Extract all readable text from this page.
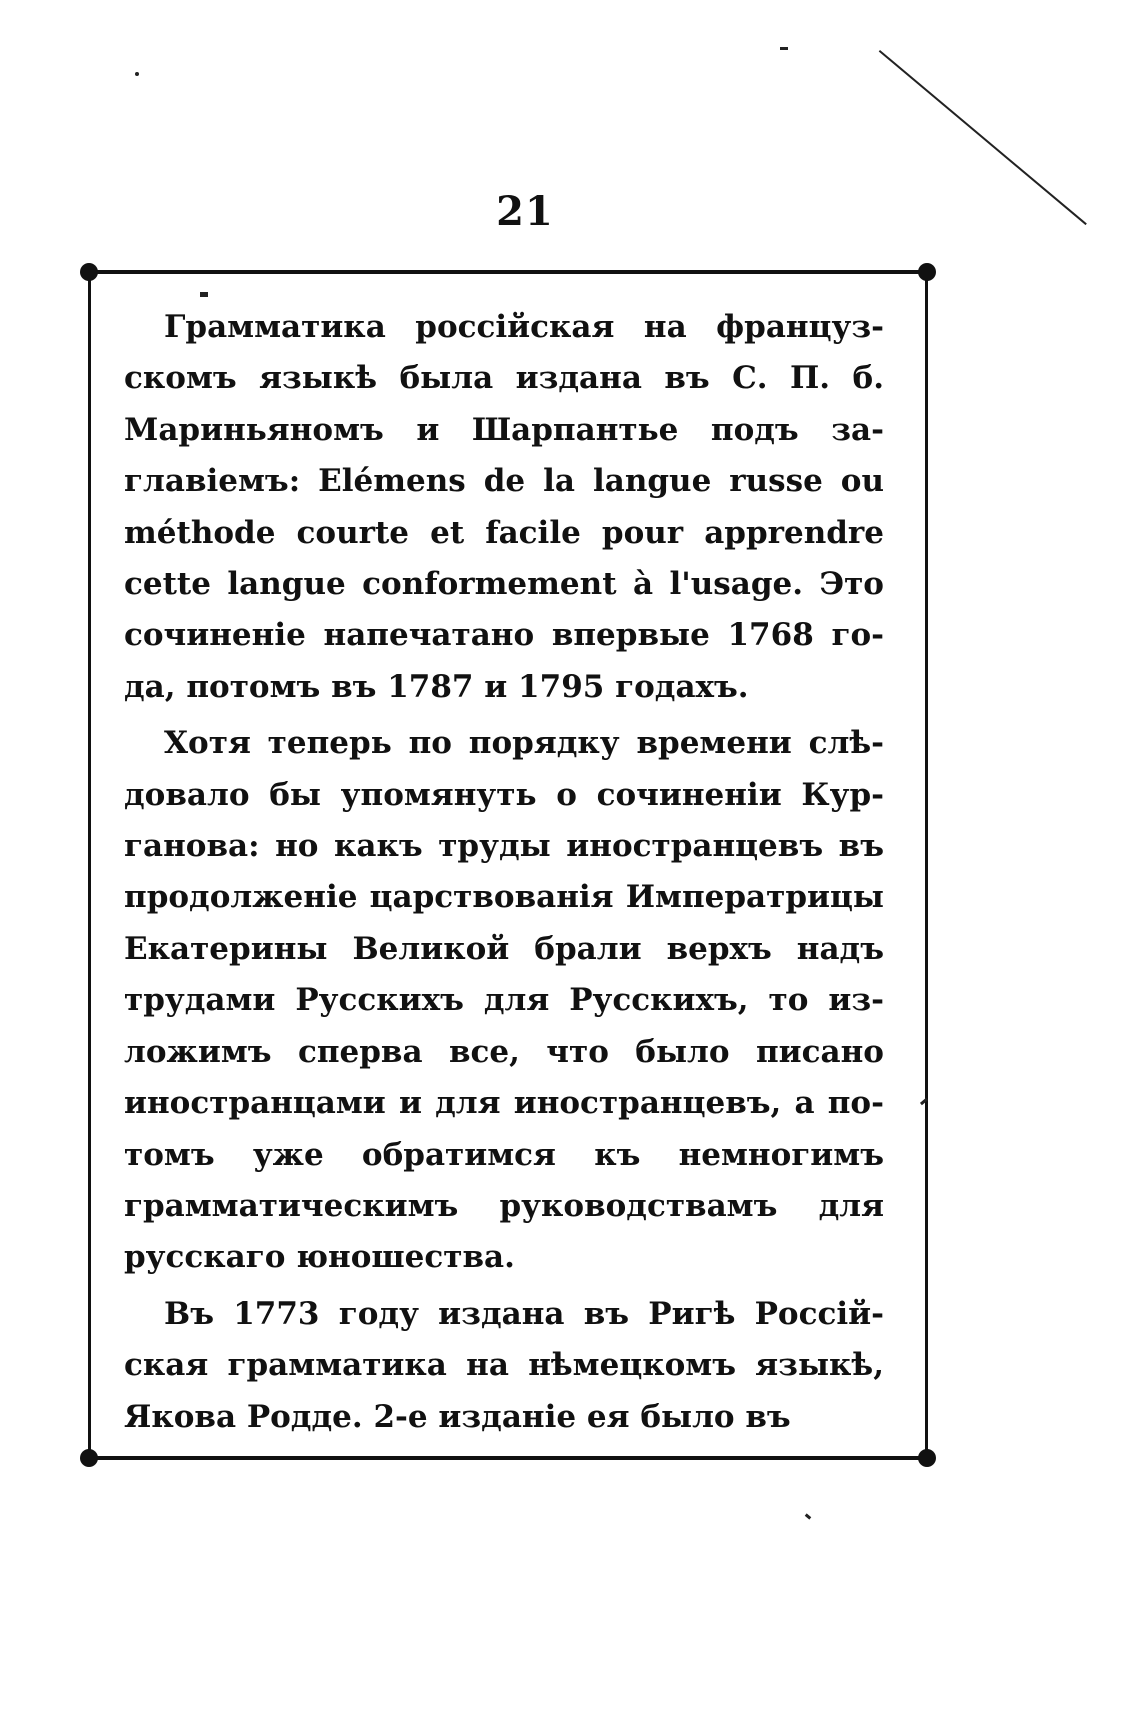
21

Грамматика россійская на французскомъ языкѣ была издана въ С. П. б. Мариньяномъ и Шарпантье подъ заглавіемъ: Elémens de la langue russe ou méthode courte et facile pour apprendre cette langue conformement à l'usage. Это сочиненіе напечатано впервые 1768 года, потомъ въ 1787 и 1795 годахъ.

Хотя теперь по порядку времени слѣдовало бы упомянуть о сочиненіи Курганова: но какъ труды иностранцевъ въ продолженіе царствованія Императрицы Екатерины Великой брали верхъ надъ трудами Русскихъ для Русскихъ, то изложимъ сперва все, что было писано иностранцами и для иностранцевъ, а потомъ уже обратимся къ немногимъ грамматическимъ руководствамъ для русскаго юношества.

Въ 1773 году издана въ Ригѣ Россійская грамматика на нѣмецкомъ языкѣ, Якова Родде. 2-е изданіе ея было въ
